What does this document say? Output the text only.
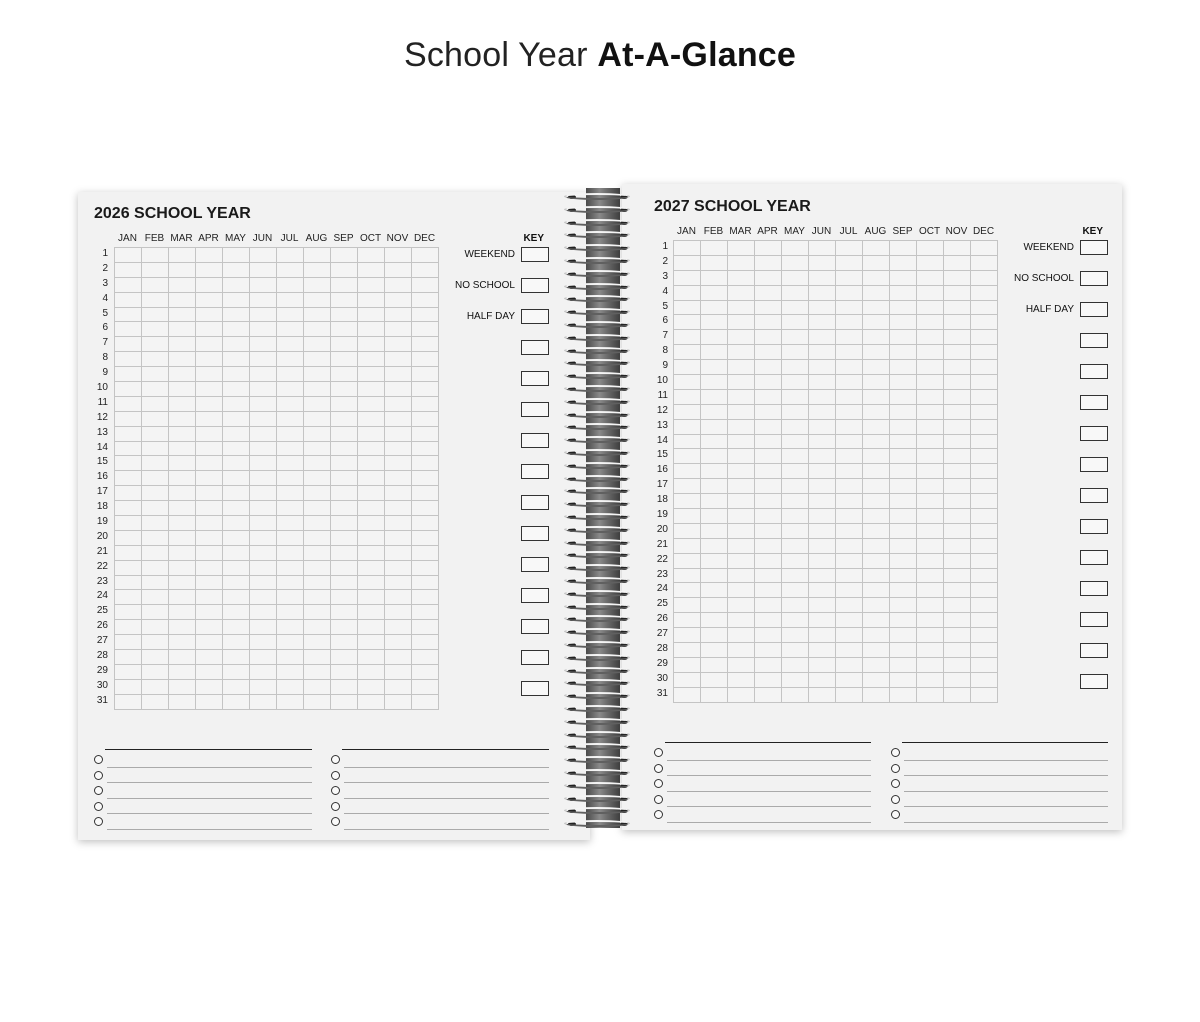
School Year At-A-Glance
2026 SCHOOL YEAR
JAN FEB MAR APR MAY JUN JUL AUG SEP OCT NOV DEC
1
2
3
4
5
6
7
8
9
10
11
12
13
14
15
16
17
18
19
20
21
22
23
24
25
26
27
28
29
30
31
KEY
WEEKEND
NO SCHOOL
HALF DAY
2027 SCHOOL YEAR
JAN FEB MAR APR MAY JUN JUL AUG SEP OCT NOV DEC
1
2
3
4
5
6
7
8
9
10
11
12
13
14
15
16
17
18
19
20
21
22
23
24
25
26
27
28
29
30
31
KEY
WEEKEND
NO SCHOOL
HALF DAY
